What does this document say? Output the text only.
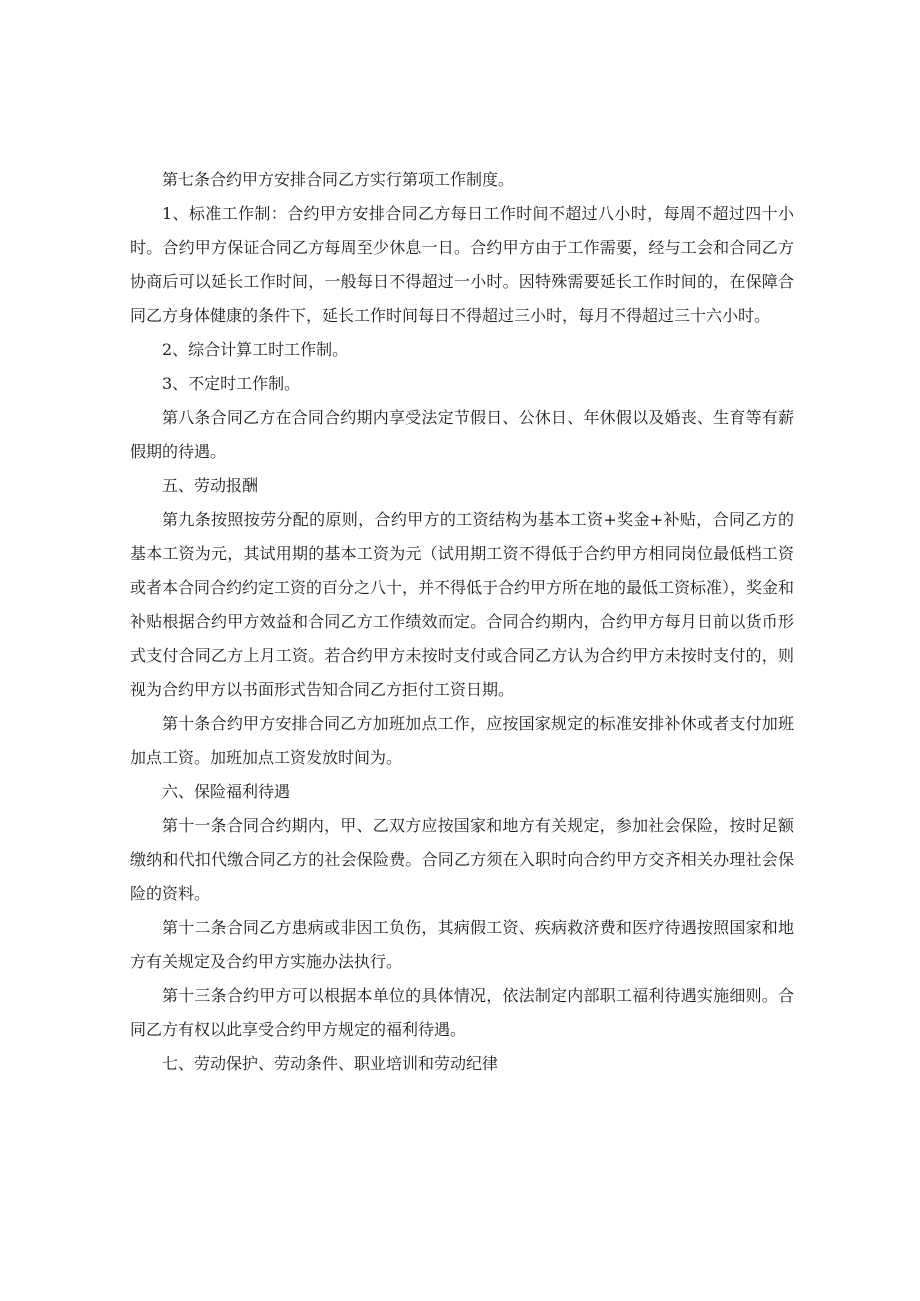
第七条合约甲方安排合同乙方实行第项工作制度。

1、标准工作制：合约甲方安排合同乙方每日工作时间不超过八小时，每周不超过四十小时。合约甲方保证合同乙方每周至少休息一日。合约甲方由于工作需要，经与工会和合同乙方协商后可以延长工作时间，一般每日不得超过一小时。因特殊需要延长工作时间的，在保障合同乙方身体健康的条件下，延长工作时间每日不得超过三小时，每月不得超过三十六小时。

2、综合计算工时工作制。

3、不定时工作制。

第八条合同乙方在合同合约期内享受法定节假日、公休日、年休假以及婚丧、生育等有薪假期的待遇。

五、劳动报酬

第九条按照按劳分配的原则，合约甲方的工资结构为基本工资+奖金+补贴，合同乙方的基本工资为元，其试用期的基本工资为元（试用期工资不得低于合约甲方相同岗位最低档工资或者本合同合约约定工资的百分之八十，并不得低于合约甲方所在地的最低工资标准），奖金和补贴根据合约甲方效益和合同乙方工作绩效而定。合同合约期内，合约甲方每月日前以货币形式支付合同乙方上月工资。若合约甲方未按时支付或合同乙方认为合约甲方未按时支付的，则视为合约甲方以书面形式告知合同乙方拒付工资日期。

第十条合约甲方安排合同乙方加班加点工作，应按国家规定的标准安排补休或者支付加班加点工资。加班加点工资发放时间为。

六、保险福利待遇

第十一条合同合约期内，甲、乙双方应按国家和地方有关规定，参加社会保险，按时足额缴纳和代扣代缴合同乙方的社会保险费。合同乙方须在入职时向合约甲方交齐相关办理社会保险的资料。

第十二条合同乙方患病或非因工负伤，其病假工资、疾病救济费和医疗待遇按照国家和地方有关规定及合约甲方实施办法执行。

第十三条合约甲方可以根据本单位的具体情况，依法制定内部职工福利待遇实施细则。合同乙方有权以此享受合约甲方规定的福利待遇。

七、劳动保护、劳动条件、职业培训和劳动纪律
